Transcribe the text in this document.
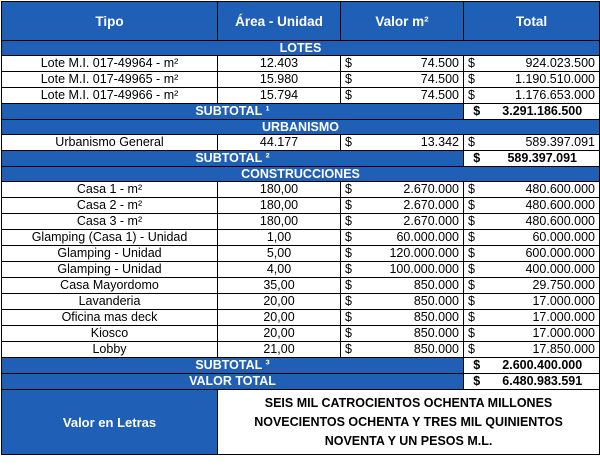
Tipo	Área - Unidad	Valor m²		Total	
LOTES					
Lote M.I. 017-49964 - m²	12.403	$	74.500	$	924.023.500
Lote M.I. 017-49965 - m²	15.980	$	74.500	$	1.190.510.000
Lote M.I. 017-49966 - m²	15.794	$	74.500	$	1.176.653.000
SUBTOTAL ¹				$	3.291.186.500
URBANISMO					
Urbanismo General	44.177	$	13.342	$	589.397.091
SUBTOTAL ²				$	589.397.091
CONSTRUCCIONES					
Casa 1 - m²	180,00	$	2.670.000	$	480.600.000
Casa 2 - m²	180,00	$	2.670.000	$	480.600.000
Casa 3 - m²	180,00	$	2.670.000	$	480.600.000
Glamping (Casa 1) - Unidad	1,00	$	60.000.000	$	60.000.000
Glamping - Unidad	5,00	$	120.000.000	$	600.000.000
Glamping - Unidad	4,00	$	100.000.000	$	400.000.000
Casa Mayordomo	35,00	$	850.000	$	29.750.000
Lavanderia	20,00	$	850.000	$	17.000.000
Oficina mas deck	20,00	$	850.000	$	17.000.000
Kiosco	20,00	$	850.000	$	17.000.000
Lobby	21,00	$	850.000	$	17.850.000
SUBTOTAL ³				$	2.600.400.000
VALOR TOTAL				$	6.480.983.591
Valor en Letras	SEIS MIL CATROCIENTOS OCHENTA MILLONES NOVECIENTOS OCHENTA Y TRES MIL QUINIENTOS NOVENTA Y UN PESOS M.L.				
